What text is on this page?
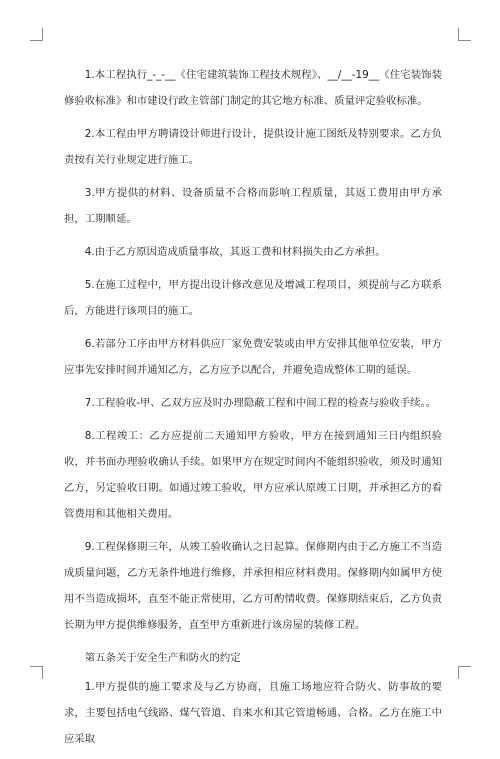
1.本工程执行_-_-__《住宅建筑装饰工程技术规程》、__/__-19__《住宅装饰装修验收标准》和市建设行政主管部门制定的其它地方标准、质量评定验收标准。

2.本工程由甲方聘请设计师进行设计，提供设计施工图纸及特别要求。乙方负责按有关行业规定进行施工。

3.甲方提供的材料、设备质量不合格而影响工程质量，其返工费用由甲方承担，工期顺延。

4.由于乙方原因造成质量事故，其返工费和材料损失由乙方承担。

5.在施工过程中，甲方提出设计修改意见及增减工程项目，须提前与乙方联系后，方能进行该项目的施工。

6.若部分工序由甲方材料供应厂家免费安装或由甲方安排其他单位安装，甲方应事先安排时间并通知乙方，乙方应予以配合，并避免造成整体工期的延误。

7.工程验收-甲、乙双方应及时办理隐蔽工程和中间工程的检查与验收手续。。

8.工程竣工：乙方应提前二天通知甲方验收，甲方在接到通知三日内组织验收，并书面办理验收确认手续。如果甲方在规定时间内不能组织验收，须及时通知乙方，另定验收日期。如通过竣工验收，甲方应承认原竣工日期，并承担乙方的看管费用和其他相关费用。

9.工程保修期三年，从竣工验收确认之日起算。保修期内由于乙方施工不当造成质量问题，乙方无条件地进行维修，并承担相应材料费用。保修期内如属甲方使用不当造成损坏，直至不能正常使用，乙方可酌情收费。保修期结束后，乙方负责长期为甲方提供维修服务，直至甲方重新进行该房屋的装修工程。

第五条关于安全生产和防火的约定

1.甲方提供的施工要求及与乙方协商，且施工场地应符合防火、防事故的要求，主要包括电气线路、煤气管道、自来水和其它管道畅通、合格。乙方在施工中应采取
